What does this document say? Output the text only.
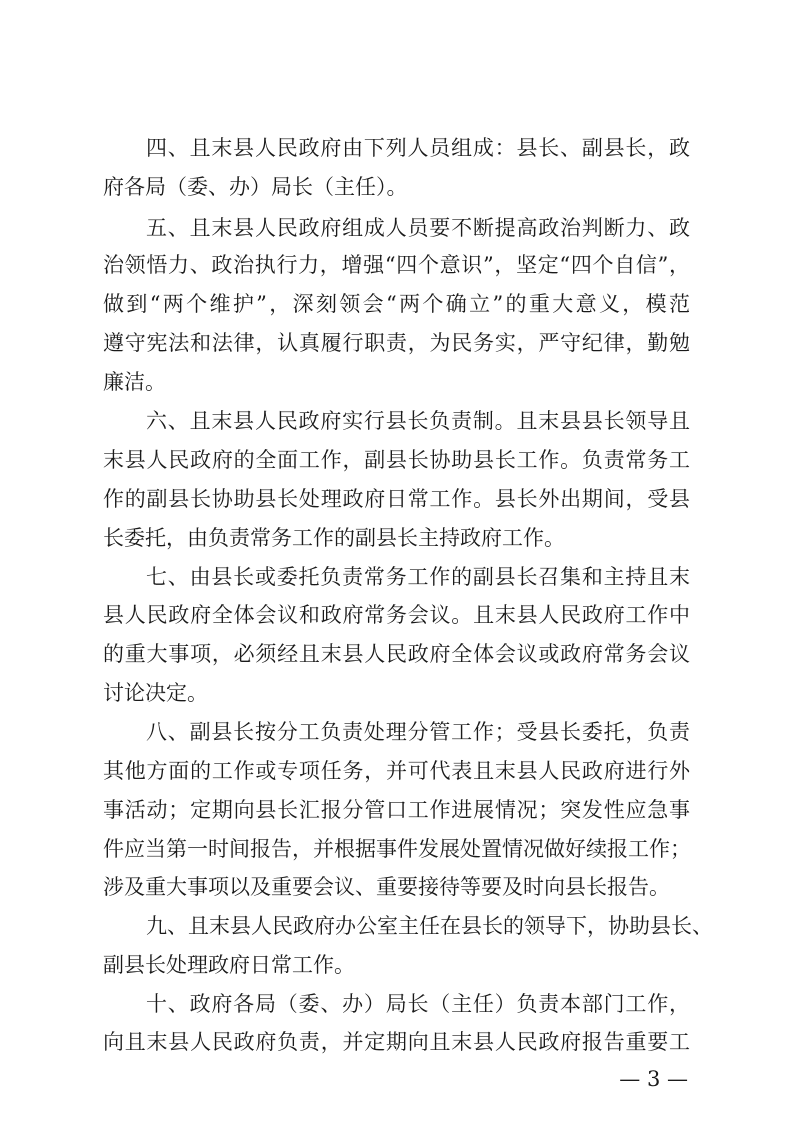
四、且末县人民政府由下列人员组成：县长、副县长，政
府各局（委、办）局长（主任）。
五、且末县人民政府组成人员要不断提高政治判断力、政
治领悟力、政治执行力，增强“四个意识”，坚定“四个自信”，
做到“两个维护”，深刻领会“两个确立”的重大意义，模范
遵守宪法和法律，认真履行职责，为民务实，严守纪律，勤勉
廉洁。
六、且末县人民政府实行县长负责制。且末县县长领导且
末县人民政府的全面工作，副县长协助县长工作。负责常务工
作的副县长协助县长处理政府日常工作。县长外出期间，受县
长委托，由负责常务工作的副县长主持政府工作。
七、由县长或委托负责常务工作的副县长召集和主持且末
县人民政府全体会议和政府常务会议。且末县人民政府工作中
的重大事项，必须经且末县人民政府全体会议或政府常务会议
讨论决定。
八、副县长按分工负责处理分管工作；受县长委托，负责
其他方面的工作或专项任务，并可代表且末县人民政府进行外
事活动；定期向县长汇报分管口工作进展情况；突发性应急事
件应当第一时间报告，并根据事件发展处置情况做好续报工作；
涉及重大事项以及重要会议、重要接待等要及时向县长报告。
九、且末县人民政府办公室主任在县长的领导下，协助县长、
副县长处理政府日常工作。
十、政府各局（委、办）局长（主任）负责本部门工作，
向且末县人民政府负责，并定期向且末县人民政府报告重要工
— 3 —
